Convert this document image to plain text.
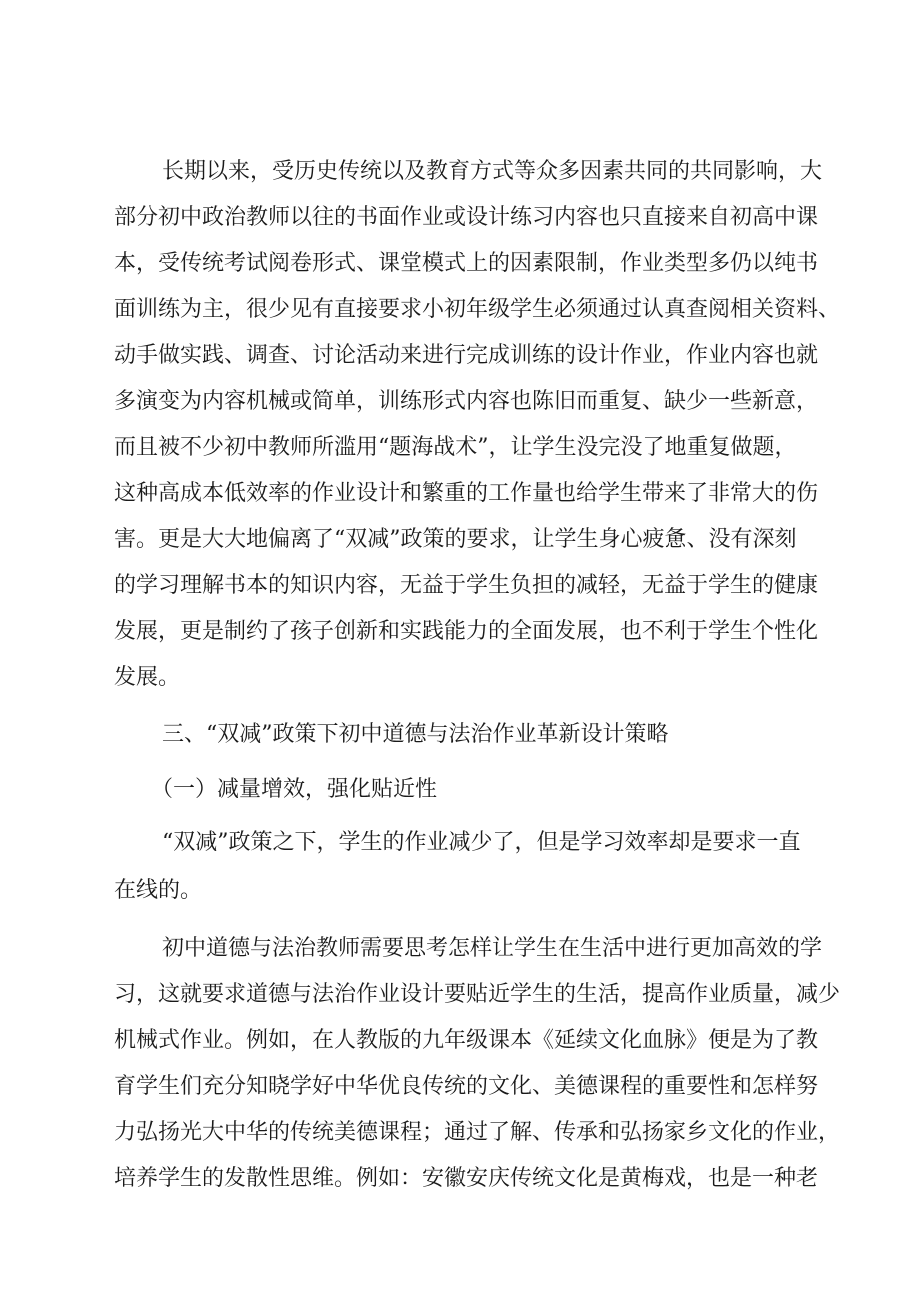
长期以来，受历史传统以及教育方式等众多因素共同的共同影响，大
部分初中政治教师以往的书面作业或设计练习内容也只直接来自初高中课
本，受传统考试阅卷形式、课堂模式上的因素限制，作业类型多仍以纯书
面训练为主，很少见有直接要求小初年级学生必须通过认真查阅相关资料、
动手做实践、调查、讨论活动来进行完成训练的设计作业，作业内容也就
多演变为内容机械或简单，训练形式内容也陈旧而重复、缺少一些新意，
而且被不少初中教师所滥用“题海战术”，让学生没完没了地重复做题，
这种高成本低效率的作业设计和繁重的工作量也给学生带来了非常大的伤
害。更是大大地偏离了“双减”政策的要求，让学生身心疲惫、没有深刻
的学习理解书本的知识内容，无益于学生负担的减轻，无益于学生的健康
发展，更是制约了孩子创新和实践能力的全面发展，也不利于学生个性化
发展。
三、“双减”政策下初中道德与法治作业革新设计策略
（一）减量增效，强化贴近性
“双减”政策之下，学生的作业减少了，但是学习效率却是要求一直
在线的。
初中道德与法治教师需要思考怎样让学生在生活中进行更加高效的学
习，这就要求道德与法治作业设计要贴近学生的生活，提高作业质量，减少
机械式作业。例如，在人教版的九年级课本《延续文化血脉》便是为了教
育学生们充分知晓学好中华优良传统的文化、美德课程的重要性和怎样努
力弘扬光大中华的传统美德课程；通过了解、传承和弘扬家乡文化的作业，
培养学生的发散性思维。例如：安徽安庆传统文化是黄梅戏，也是一种老
